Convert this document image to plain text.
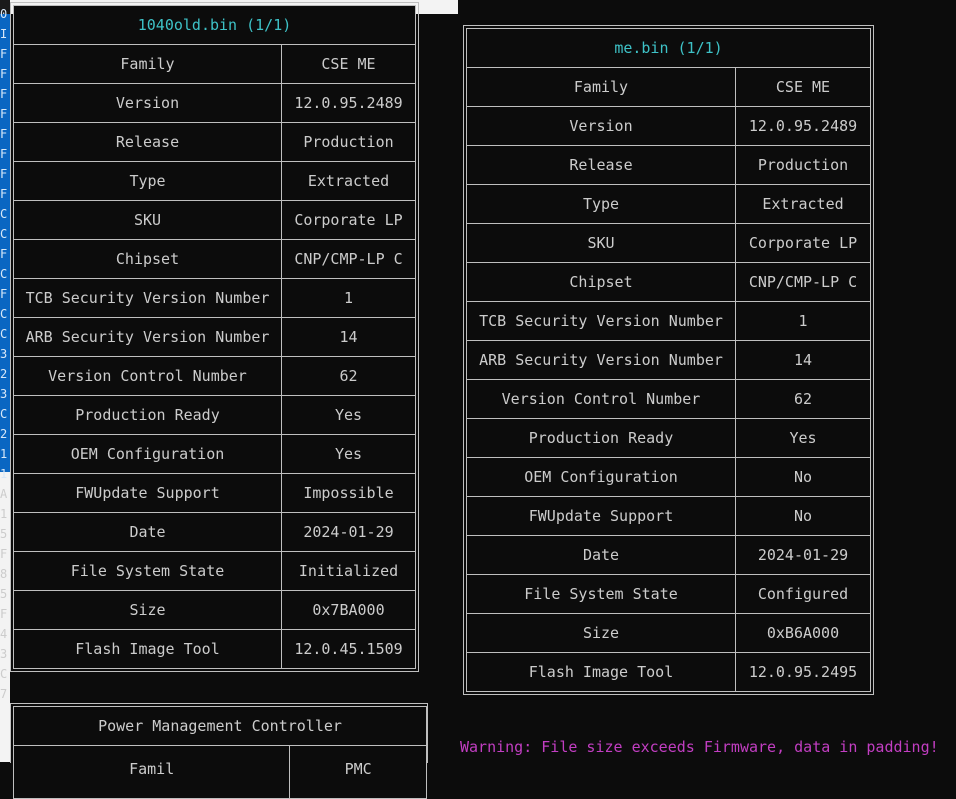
0
I
F
F
F
F
F
F
F
F
C
C
F
C
F
C
C
3
2
3
C
2
1
1
A
1
5
F
8
5
F
4
3
C
7
1040old.bin (1/1)	
Family	CSE ME
Version	12.0.95.2489
Release	Production
Type	Extracted
SKU	Corporate LP
Chipset	CNP/CMP-LP C
TCB Security Version Number	1
ARB Security Version Number	14
Version Control Number	62
Production Ready	Yes
OEM Configuration	Yes
FWUpdate Support	Impossible
Date	2024-01-29
File System State	Initialized
Size	0x7BA000
Flash Image Tool	12.0.45.1509
me.bin (1/1)	
Family	CSE ME
Version	12.0.95.2489
Release	Production
Type	Extracted
SKU	Corporate LP
Chipset	CNP/CMP-LP C
TCB Security Version Number	1
ARB Security Version Number	14
Version Control Number	62
Production Ready	Yes
OEM Configuration	No
FWUpdate Support	No
Date	2024-01-29
File System State	Configured
Size	0xB6A000
Flash Image Tool	12.0.95.2495
Power Management Controller
Famil	PMC
Warning: File size exceeds Firmware, data in padding!
